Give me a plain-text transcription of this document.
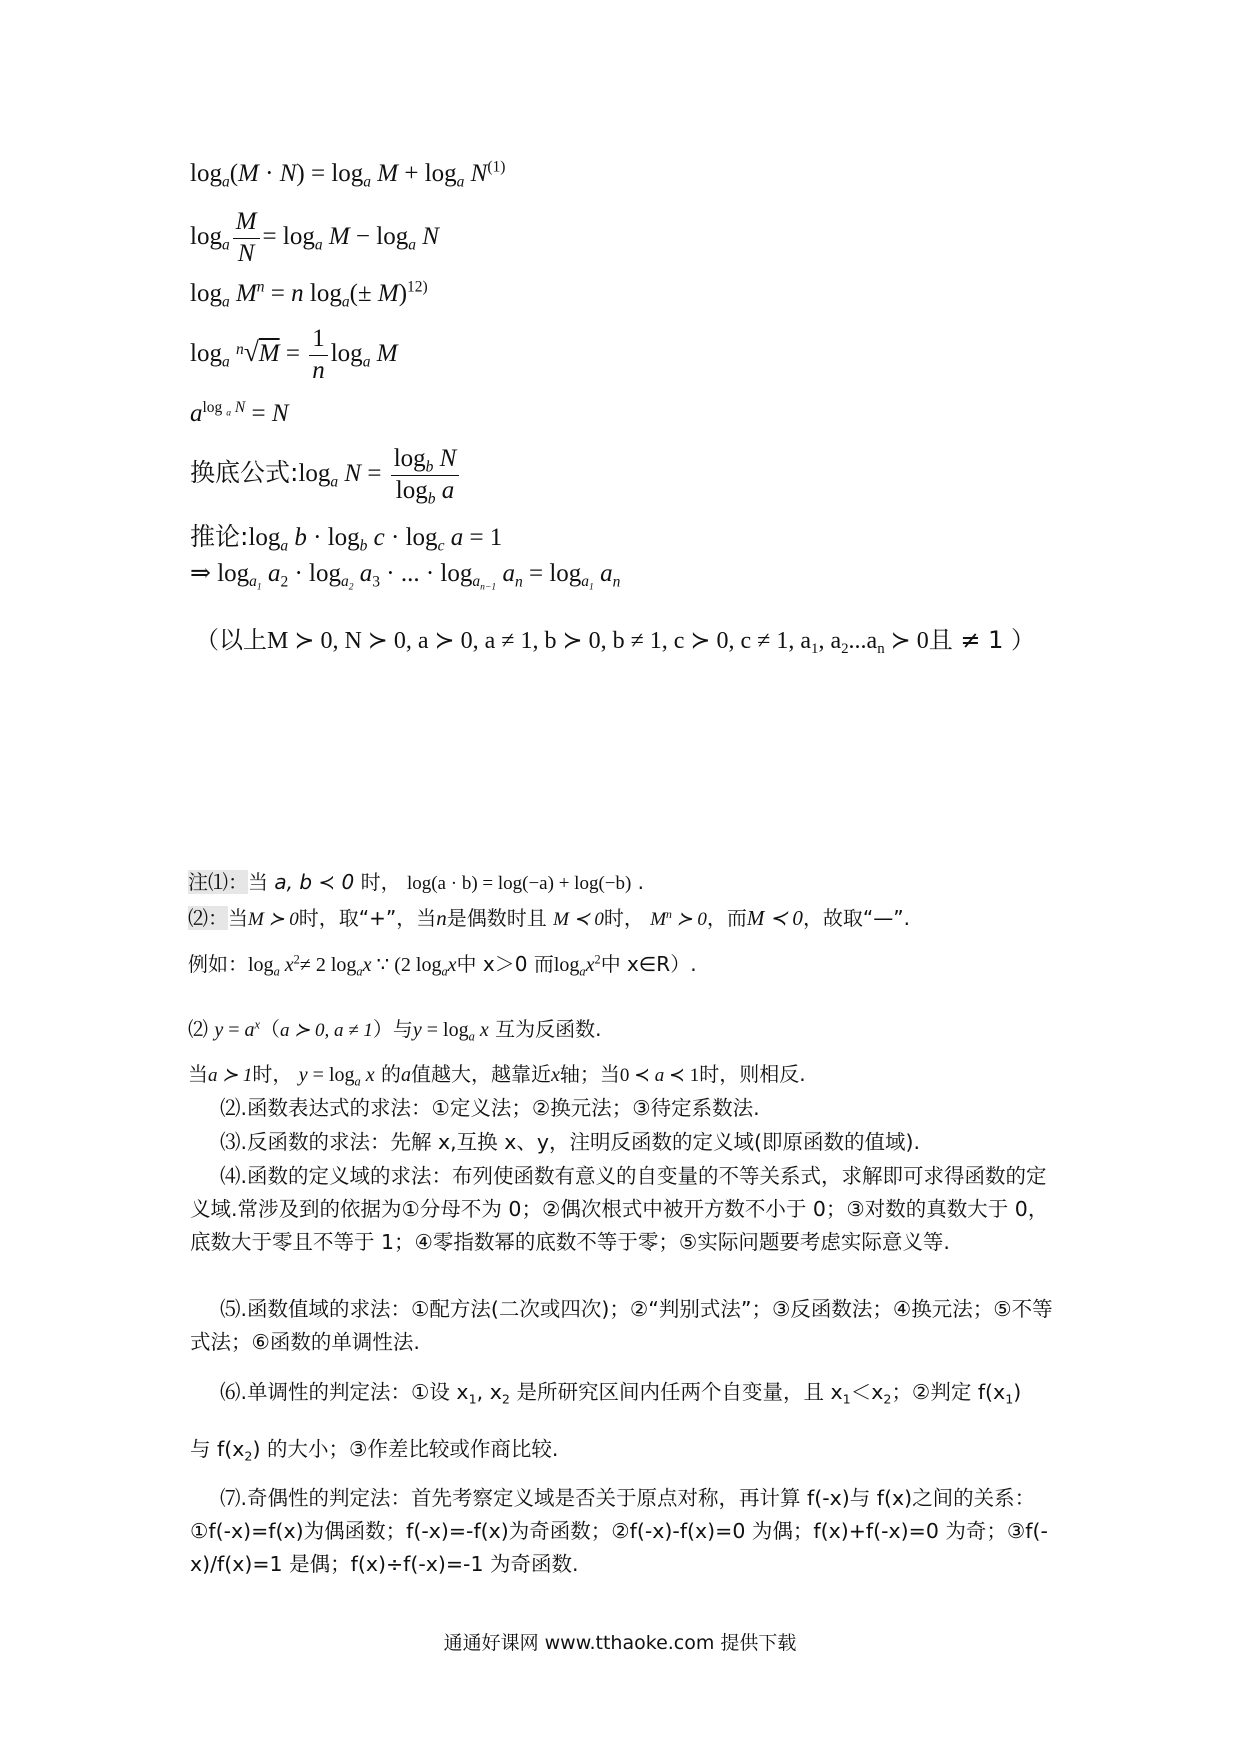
$\log_a(M \cdot N) = \log_a M + \log_a N^{(1)}$
$\log_a \frac{M}{N} = \log_a M - \log_a N$
$\log_a M^n = n$ $\log_a(\pm M)^{12)}$
$\log_a ^n√M = \frac{1}{n} \log_a M$
$a^{log _a N} = N$
换底公式$:\log_a$ $N = \frac{\log_b N}{\log_b a}$
推论$:\log_a$ $b \cdot \log_b c \cdot \log_c a = 1$
⇒ $\log_{a_1} a_2 \cdot \log_{a_2} a_3$ · ... · $\log_{a_{n-1}} a_n = \log_{a_1} a_n$
（以上M ≻ 0, N ≻ 0, a ≻ 0, a ≠ 1, b ≻ 0, b ≠ 1, c ≻ 0, c ≠ 1, $a_1$, $a_2...a_n$ ≻ 0且 ≠ 1 ）
注⑴：当 a, b ≺ 0 时， log(a · b) = log(−a) + log(−b) .
⑵：当M ≻ 0时，取“+”，当n是偶数时且 M ≺ 0时， $M^n$ ≻ 0，而M ≺ 0，故取“—”.
例如：$\log_a x^2\ne 2$ $\log_ax$ ∵ (2 $\log_ax$中 x＞0 而$\log_ax^2$中 x∈R）.
⑵ $y = a^x(a$ ≻ 0, a ≠ 1）与$y = \log_a x$ 互为反函数.
当a ≻ 1时， $y = \log_a x$ 的a值越大，越靠近x轴；当0 ≺ a ≺ 1时，则相反.
⑵.函数表达式的求法：①定义法；②换元法；③待定系数法.
⑶.反函数的求法：先解 x,互换 x、y，注明反函数的定义域(即原函数的值域).
⑷.函数的定义域的求法：布列使函数有意义的自变量的不等关系式，求解即可求得函数的定义域.常涉及到的依据为①分母不为 0；②偶次根式中被开方数不小于 0；③对数的真数大于 0，底数大于零且不等于 1；④零指数幂的底数不等于零；⑤实际问题要考虑实际意义等.
⑸.函数值域的求法：①配方法(二次或四次)；②“判别式法”；③反函数法；④换元法；⑤不等式法；⑥函数的单调性法.
⑹.单调性的判定法：①设 $x_1$, $x_2$ 是所研究区间内任两个自变量，且 $x_1<x_2$；②判定 $f(x_1)$
与 $f(x_2)$ 的大小；③作差比较或作商比较.
⑺.奇偶性的判定法：首先考察定义域是否关于原点对称，再计算 f(-x)与 f(x)之间的关系：①f(-x)=f(x)为偶函数；f(-x)=-f(x)为奇函数；②f(-x)-f(x)=0 为偶；f(x)+f(-x)=0 为奇；③f(-x)/f(x)=1 是偶；f(x)÷f(-x)=-1 为奇函数.
通通好课网 www.tthaoke.com 提供下载
